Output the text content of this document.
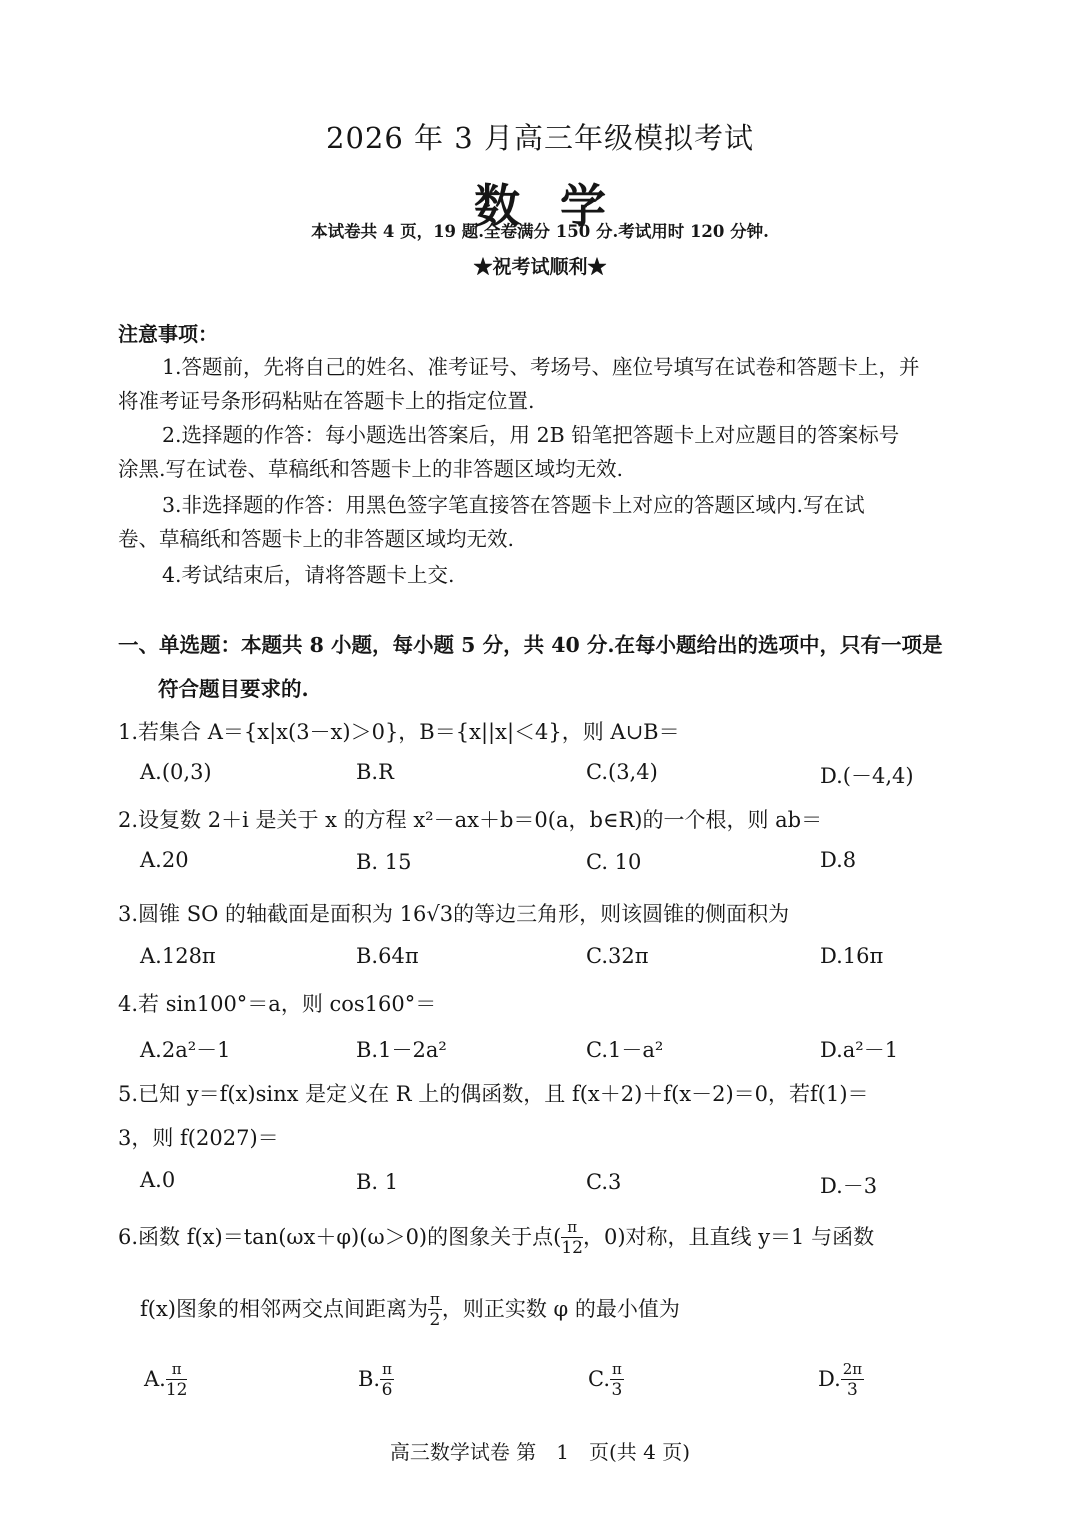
2026 年 3 月高三年级模拟考试
数学
本试卷共 4 页，19 题.全卷满分 150 分.考试用时 120 分钟.
★祝考试顺利★
注意事项：
1.答题前，先将自己的姓名、准考证号、考场号、座位号填写在试卷和答题卡上，并
将准考证号条形码粘贴在答题卡上的指定位置.
2.选择题的作答：每小题选出答案后，用 2B 铅笔把答题卡上对应题目的答案标号
涂黑.写在试卷、草稿纸和答题卡上的非答题区域均无效.
3.非选择题的作答：用黑色签字笔直接答在答题卡上对应的答题区域内.写在试
卷、草稿纸和答题卡上的非答题区域均无效.
4.考试结束后，请将答题卡上交.
一、单选题：本题共 8 小题，每小题 5 分，共 40 分.在每小题给出的选项中，只有一项是
符合题目要求的.
1.若集合 A＝{x|x(3－x)＞0}，B＝{x||x|＜4}，则 A∪B＝
A.(0,3)	B.R	C.(3,4)	D.(－4,4)
2.设复数 2＋i 是关于 x 的方程 x²－ax＋b＝0(a，b∈R)的一个根，则 ab＝
A.20	B. 15	C. 10	D.8
3.圆锥 SO 的轴截面是面积为 16√3的等边三角形，则该圆锥的侧面积为
A.128π	B.64π	C.32π	D.16π
4.若 sin100°＝a，则 cos160°＝
A.2a²－1	B.1－2a²	C.1－a²	D.a²－1
5.已知 y＝f(x)sinx 是定义在 R 上的偶函数，且 f(x＋2)＋f(x－2)＝0，若f(1)＝
3，则 f(2027)＝
A.0	B. 1	C.3	D.－3
6.函数 f(x)＝tan(ωx＋φ)(ω＞0)的图象关于点( $\frac{\pi}{12}$ ，0)对称，且直线 y＝1 与函数
f(x)图象的相邻两交点间距离为 $\frac{\pi}{2}$ ，则正实数 φ 的最小值为
A. $\frac{\pi}{12}$	B. $\frac{\pi}{6}$	C. $\frac{\pi}{3}$	D. $\frac{2\pi}{3}$
高三数学试卷 第　1　页(共 4 页)
